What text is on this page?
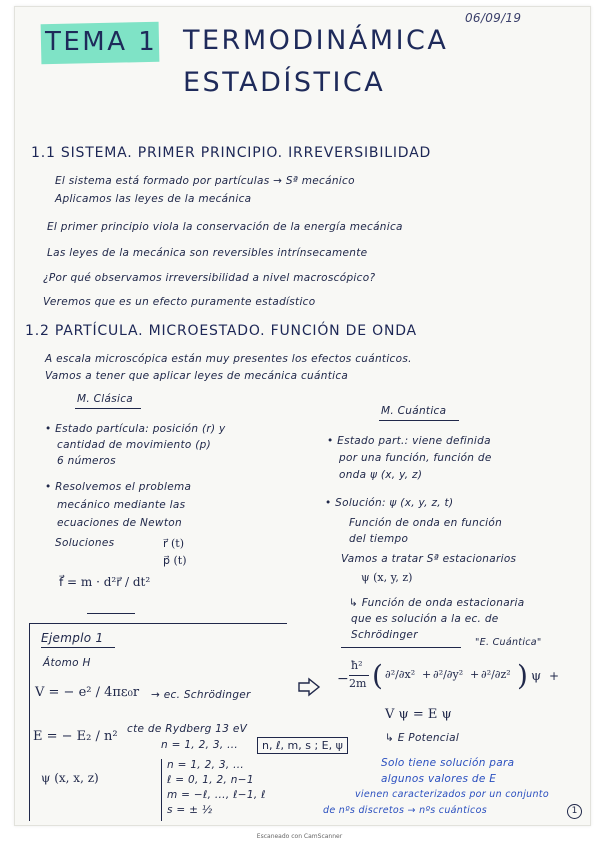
06/09/19
TEMA 1 TERMODINÁMICA
ESTADÍSTICA
1.1 SISTEMA. PRIMER PRINCIPIO. IRREVERSIBILIDAD
El sistema está formado por partículas → Sª mecánico
Aplicamos las leyes de la mecánica
El primer principio viola la conservación de la energía mecánica
Las leyes de la mecánica son reversibles intrínsecamente
¿Por qué observamos irreversibilidad a nivel macroscópico?
Veremos que es un efecto puramente estadístico
1.2 PARTÍCULA. MICROESTADO. FUNCIÓN DE ONDA
A escala microscópica están muy presentes los efectos cuánticos.
Vamos a tener que aplicar leyes de mecánica cuántica
M. Clásica
• Estado partícula: posición (r) y
cantidad de movimiento (p)
6 números
• Resolvemos el problema
mecánico mediante las
ecuaciones de Newton
Soluciones	r⃗ (t)
p⃗ (t)
f⃗ = m · d²r⃗ / dt²
M. Cuántica
• Estado part.: viene definida
por una función, función de
onda ψ (x, y, z)
• Solución: ψ (x, y, z, t)
Función de onda en función
del tiempo
Vamos a tratar Sª estacionarios
ψ (x, y, z)
↳ Función de onda estacionaria
que es solución a la ec. de
Schrödinger
"E. Cuántica"
−
ħ²
2m ( ∂²/∂x² + ∂²/∂y² + ∂²/∂z² ) ψ +
V ψ = E ψ
↳ E Potencial
Solo tiene solución para
algunos valores de E
vienen caracterizados por un conjunto
de nºs discretos → nºs cuánticos
Ejemplo 1
Átomo H
V = − e² / 4πε₀r → ec. Schrödinger
E = − E₂ / n² cte de Rydberg 13 eV
n = 1, 2, 3, ...
ψ (x, x, z)
n = 1, 2, 3, ...
ℓ = 0, 1, 2, n−1
m = −ℓ, ..., ℓ−1, ℓ
s = ± ½
n, ℓ, m, s ; E, ψ
1
Escaneado con CamScanner
